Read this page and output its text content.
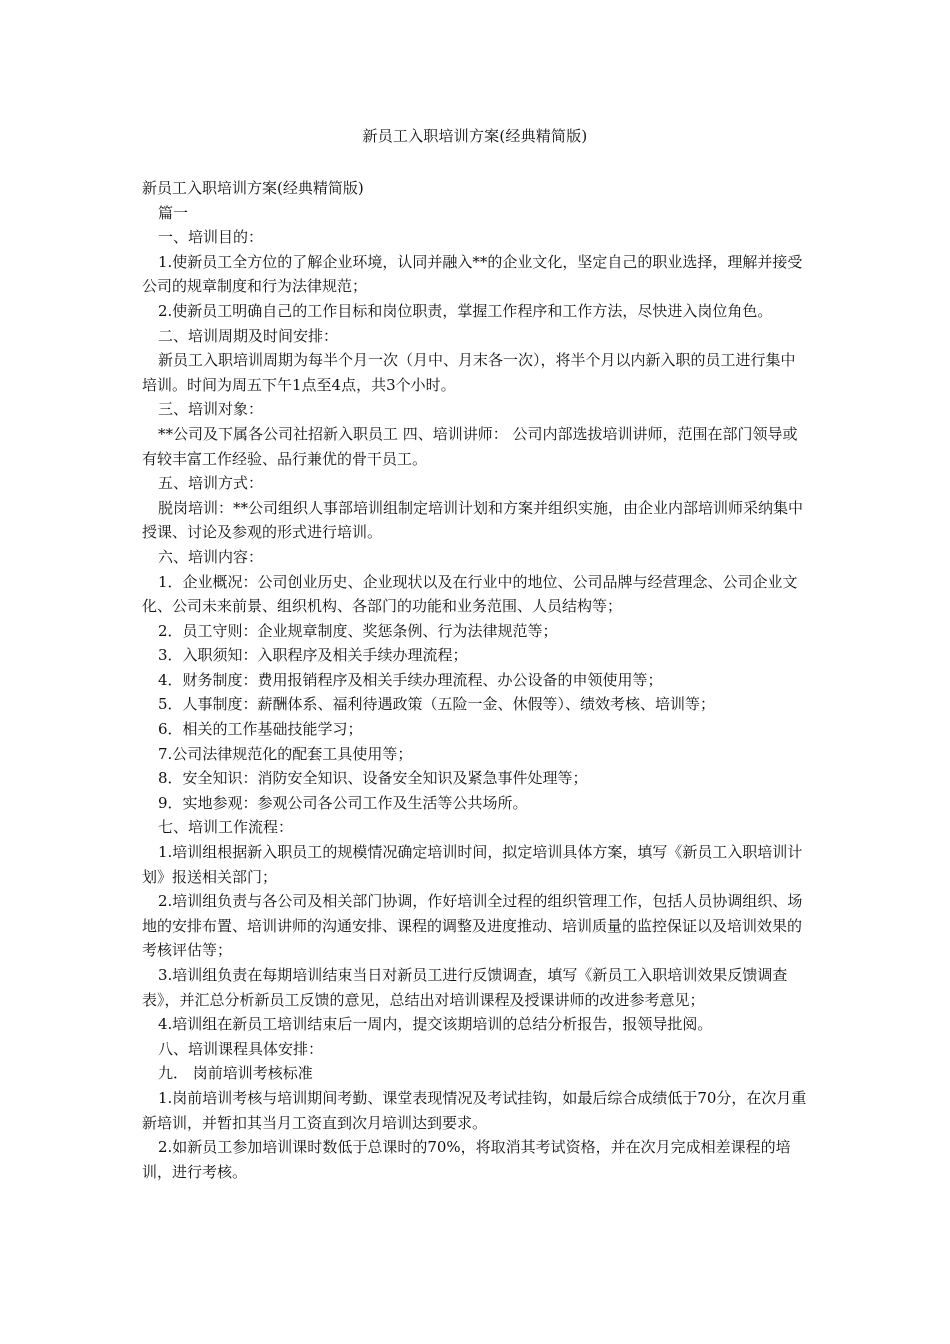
新员工入职培训方案(经典精简版)
新员工入职培训方案(经典精简版)
篇一
一、培训目的：
1.使新员工全方位的了解企业环境，认同并融入**的企业文化，坚定自己的职业选择，理解并接受公司的规章制度和行为法律规范；
2.使新员工明确自己的工作目标和岗位职责，掌握工作程序和工作方法，尽快进入岗位角色。
二、培训周期及时间安排：
新员工入职培训周期为每半个月一次（月中、月末各一次），将半个月以内新入职的员工进行集中培训。时间为周五下午1点至4点，共3个小时。
三、培训对象：
**公司及下属各公司社招新入职员工 四、培训讲师： 公司内部选拔培训讲师，范围在部门领导或有较丰富工作经验、品行兼优的骨干员工。
五、培训方式：
脱岗培训：**公司组织人事部培训组制定培训计划和方案并组织实施，由企业内部培训师采纳集中授课、讨论及参观的形式进行培训。
六、培训内容：
1．企业概况：公司创业历史、企业现状以及在行业中的地位、公司品牌与经营理念、公司企业文化、公司未来前景、组织机构、各部门的功能和业务范围、人员结构等；
2．员工守则：企业规章制度、奖惩条例、行为法律规范等；
3．入职须知：入职程序及相关手续办理流程；
4．财务制度：费用报销程序及相关手续办理流程、办公设备的申领使用等；
5．人事制度：薪酬体系、福利待遇政策（五险一金、休假等）、绩效考核、培训等；
6．相关的工作基础技能学习；
7.公司法律规范化的配套工具使用等；
8．安全知识：消防安全知识、设备安全知识及紧急事件处理等；
9．实地参观：参观公司各公司工作及生活等公共场所。
七、培训工作流程：
1.培训组根据新入职员工的规模情况确定培训时间，拟定培训具体方案，填写《新员工入职培训计划》报送相关部门；
2.培训组负责与各公司及相关部门协调，作好培训全过程的组织管理工作，包括人员协调组织、场地的安排布置、培训讲师的沟通安排、课程的调整及进度推动、培训质量的监控保证以及培训效果的考核评估等；
3.培训组负责在每期培训结束当日对新员工进行反馈调查，填写《新员工入职培训效果反馈调查表》，并汇总分析新员工反馈的意见，总结出对培训课程及授课讲师的改进参考意见；
4.培训组在新员工培训结束后一周内，提交该期培训的总结分析报告，报领导批阅。
八、培训课程具体安排：
九． 岗前培训考核标准
1.岗前培训考核与培训期间考勤、课堂表现情况及考试挂钩，如最后综合成绩低于70分，在次月重新培训，并暂扣其当月工资直到次月培训达到要求。
2.如新员工参加培训课时数低于总课时的70%，将取消其考试资格，并在次月完成相差课程的培训，进行考核。
